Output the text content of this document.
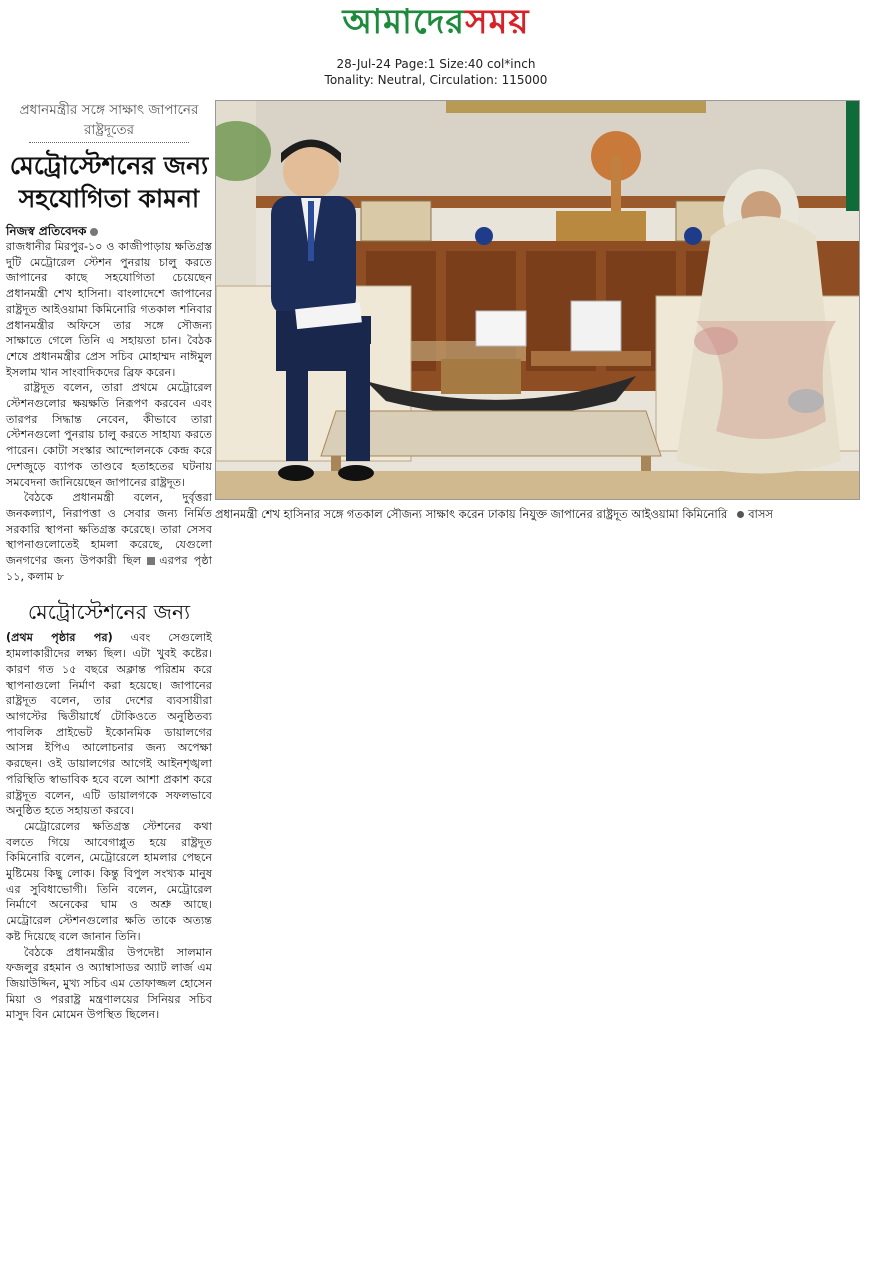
আমাদেরসময়
28-Jul-24 Page:1 Size:40 col*inch
Tonality: Neutral, Circulation: 115000
প্রধানমন্ত্রীর সঙ্গে সাক্ষাৎ জাপানের রাষ্ট্রদূতের
মেট্রোস্টেশনের জন্য সহযোগিতা কামনা
নিজস্ব প্রতিবেদক

রাজধানীর মিরপুর-১০ ও কাজীপাড়ায় ক্ষতিগ্রস্ত দুটি মেট্রোরেল স্টেশন পুনরায় চালু করতে জাপানের কাছে সহযোগিতা চেয়েছেন প্রধানমন্ত্রী শেখ হাসিনা। বাংলাদেশে জাপানের রাষ্ট্রদূত আইওয়ামা কিমিনোরি গতকাল শনিবার প্রধানমন্ত্রীর অফিসে তার সঙ্গে সৌজন্য সাক্ষাতে গেলে তিনি এ সহায়তা চান। বৈঠক শেষে প্রধানমন্ত্রীর প্রেস সচিব মোহাম্মদ নাঈমুল ইসলাম খান সাংবাদিকদের ব্রিফ করেন।

রাষ্ট্রদূত বলেন, তারা প্রথমে মেট্রোরেল স্টেশনগুলোর ক্ষয়ক্ষতি নিরূপণ করবেন এবং তারপর সিদ্ধান্ত নেবেন, কীভাবে তারা স্টেশনগুলো পুনরায় চালু করতে সাহায্য করতে পারেন। কোটা সংস্কার আন্দোলনকে কেন্দ্র করে দেশজুড়ে ব্যাপক তাণ্ডবে হতাহতের ঘটনায় সমবেদনা জানিয়েছেন জাপানের রাষ্ট্রদূত।

বৈঠকে প্রধানমন্ত্রী বলেন, দুর্বৃত্তরা জনকল্যাণ, নিরাপত্তা ও সেবার জন্য নির্মিত সরকারি স্থাপনা ক্ষতিগ্রস্ত করেছে। তারা সেসব স্থাপনাগুলোতেই হামলা করেছে, যেগুলো জনগণের জন্য উপকারী ছিল এরপর পৃষ্ঠা ১১, কলাম ৮

মেট্রোস্টেশনের জন্য

(প্রথম পৃষ্ঠার পর) এবং সেগুলোই হামলাকারীদের লক্ষ্য ছিল। এটা খুবই কষ্টের। কারণ গত ১৫ বছরে অক্লান্ত পরিশ্রম করে স্থাপনাগুলো নির্মাণ করা হয়েছে। জাপানের রাষ্ট্রদূত বলেন, তার দেশের ব্যবসায়ীরা আগস্টের দ্বিতীয়ার্ধে টোকিওতে অনুষ্ঠিতব্য পাবলিক প্রাইভেট ইকোনমিক ডায়ালগের আসন্ন ইপিএ আলোচনার জন্য অপেক্ষা করছেন। ওই ডায়ালগের আগেই আইনশৃঙ্খলা পরিস্থিতি স্বাভাবিক হবে বলে আশা প্রকাশ করে রাষ্ট্রদূত বলেন, এটি ডায়ালগকে সফলভাবে অনুষ্ঠিত হতে সহায়তা করবে।

মেট্রোরেলের ক্ষতিগ্রস্ত স্টেশনের কথা বলতে গিয়ে আবেগাপ্লুত হয়ে রাষ্ট্রদূত কিমিনোরি বলেন, মেট্রোরেলে হামলার পেছনে মুষ্টিমেয় কিছু লোক। কিন্তু বিপুল সংখ্যক মানুষ এর সুবিধাভোগী। তিনি বলেন, মেট্রোরেল নির্মাণে অনেকের ঘাম ও অশ্রু আছে। মেট্রোরেল স্টেশনগুলোর ক্ষতি তাকে অত্যন্ত কষ্ট দিয়েছে বলে জানান তিনি।

বৈঠকে প্রধানমন্ত্রীর উপদেষ্টা সালমান ফজলুর রহমান ও অ্যাম্বাসাডর অ্যাট লার্জ এম জিয়াউদ্দিন, মুখ্য সচিব এম তোফাজ্জল হোসেন মিয়া ও পররাষ্ট্র মন্ত্রণালয়ের সিনিয়র সচিব মাসুদ বিন মোমেন উপস্থিত ছিলেন।

প্রধানমন্ত্রী শেখ হাসিনার সঙ্গে গতকাল সৌজন্য সাক্ষাৎ করেন ঢাকায় নিযুক্ত জাপানের রাষ্ট্রদূত আইওয়ামা কিমিনোরি বাসস
